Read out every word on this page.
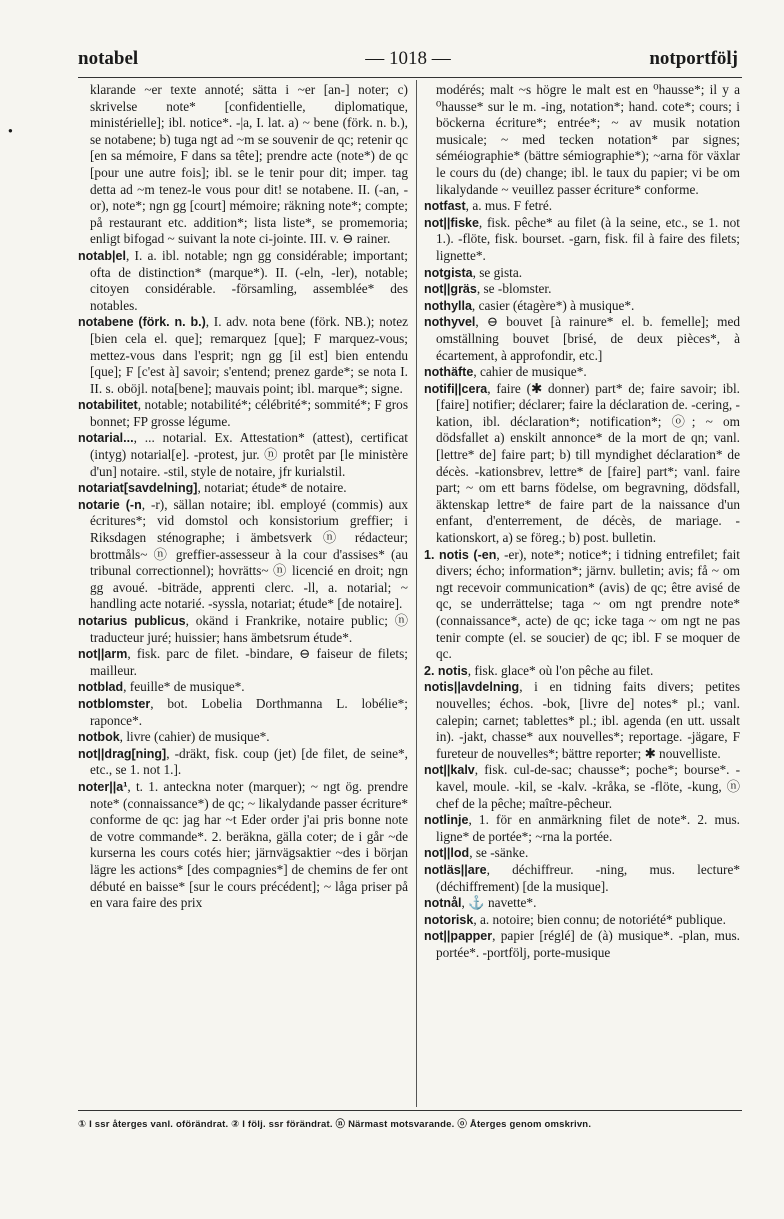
●
notabel	— 1018 —	notportfölj

klarande ~er texte annoté; sätta i ~er [an-] noter; c) skrivelse note* [confidentielle, diplomatique, ministérielle]; ibl. notice*. -|a, I. lat. a) ~ bene (förk. n. b.), se notabene; b) tuga ngt ad ~m se souvenir de qc; retenir qc [en sa mémoire, F dans sa tête]; prendre acte (note*) de qc [pour une autre fois]; ibl. se le tenir pour dit; imper. tag detta ad ~m tenez-le vous pour dit! se notabene. II. (-an, -or), note*; ngn gg [court] mémoire; räkning note*; compte; på restaurant etc. addition*; lista liste*, se promemoria; enligt bifogad ~ suivant la note ci-jointe. III. v. ⊖ rainer.

notab|el, I. a. ibl. notable; ngn gg considérable; important; ofta de distinction* (marque*). II. (-eln, -ler), notable; citoyen considérable. -församling, assemblée* des notables.

notabene (förk. n. b.), I. adv. nota bene (förk. NB.); notez [bien cela el. que]; remarquez [que]; F marquez-vous; mettez-vous dans l'esprit; ngn gg [il est] bien entendu [que]; F [c'est à] savoir; s'entend; prenez garde*; se nota I. II. s. oböjl. nota[bene]; mauvais point; ibl. marque*; signe.

notabilitet, notable; notabilité*; célébrité*; sommité*; F gros bonnet; FP grosse légume.

notarial..., ... notarial. Ex. Attestation* (attest), certificat (intyg) notarial[e]. -protest, jur. ⓝ protêt par [le ministère d'un] notaire. -stil, style de notaire, jfr kurialstil.

notariat[savdelning], notariat; étude* de notaire.

notarie (-n, -r), sällan notaire; ibl. employé (commis) aux écritures*; vid domstol och konsistorium greffier; i Riksdagen sténographe; i ämbetsverk ⓝ rédacteur; brottmåls~ ⓝ greffier-assesseur à la cour d'assises* (au tribunal correctionnel); hovrätts~ ⓝ licencié en droit; ngn gg avoué. -biträde, apprenti clerc. -ll, a. notarial; ~ handling acte notarié. -syssla, notariat; étude* [de notaire].

notarius publicus, okänd i Frankrike, notaire public; ⓝ traducteur juré; huissier; hans ämbetsrum étude*.

not||arm, fisk. parc de filet. -bindare, ⊖ faiseur de filets; mailleur.

notblad, feuille* de musique*.

notblomster, bot. Lobelia Dorthmanna L. lobélie*; raponce*.

notbok, livre (cahier) de musique*.

not||drag[ning], -dräkt, fisk. coup (jet) [de filet, de seine*, etc., se 1. not 1.].

noter||a¹, t. 1. anteckna noter (marquer); ~ ngt ög. prendre note* (connaissance*) de qc; ~ likalydande passer écriture* conforme de qc: jag har ~t Eder order j'ai pris bonne note de votre commande*. 2. beräkna, gälla coter; de i går ~de kurserna les cours cotés hier; järnvägsaktier ~des i början lägre les actions* [des compagnies*] de chemins de fer ont débuté en baisse* [sur le cours précédent]; ~ låga priser på en vara faire des prix

modérés; malt ~s högre le malt est en ⁰hausse*; il y a ⁰hausse* sur le m. -ing, notation*; hand. cote*; cours; i böckerna écriture*; entrée*; ~ av musik notation musicale; ~ med tecken notation* par signes; séméiographie* (bättre sémiographie*); ~arna för växlar le cours du (de) change; ibl. le taux du papier; vi be om likalydande ~ veuillez passer écriture* conforme.

notfast, a. mus. F fetré.

not||fiske, fisk. pêche* au filet (à la seine, etc., se 1. not 1.). -flöte, fisk. bourset. -garn, fisk. fil à faire des filets; lignette*.

notgista, se gista.

not||gräs, se -blomster.

nothylla, casier (étagère*) à musique*.

nothyvel, ⊖ bouvet [à rainure* el. b. femelle]; med omställning bouvet [brisé, de deux pièces*, à écartement, à approfondir, etc.]

nothäfte, cahier de musique*.

notifi||cera, faire (✱ donner) part* de; faire savoir; ibl. [faire] notifier; déclarer; faire la déclaration de. -cering, -kation, ibl. déclaration*; notification*; ⓞ; ~ om dödsfallet a) enskilt annonce* de la mort de qn; vanl. [lettre* de] faire part; b) till myndighet déclaration* de décès. -kationsbrev, lettre* de [faire] part*; vanl. faire part; ~ om ett barns födelse, om begravning, dödsfall, äktenskap lettre* de faire part de la naissance d'un enfant, d'enterrement, de décès, de mariage. -kationskort, a) se föreg.; b) post. bulletin.

1. notis (-en, -er), note*; notice*; i tidning entrefilet; fait divers; écho; information*; järnv. bulletin; avis; få ~ om ngt recevoir communication* (avis) de qc; être avisé de qc, se underrättelse; taga ~ om ngt prendre note* (connaissance*, acte) de qc; icke taga ~ om ngt ne pas tenir compte (el. se soucier) de qc; ibl. F se moquer de qc.

2. notis, fisk. glace* où l'on pêche au filet.

notis||avdelning, i en tidning faits divers; petites nouvelles; échos. -bok, [livre de] notes* pl.; vanl. calepin; carnet; tablettes* pl.; ibl. agenda (en utt. ussalt in). -jakt, chasse* aux nouvelles*; reportage. -jägare, F fureteur de nouvelles*; bättre reporter; ✱ nouvelliste.

not||kalv, fisk. cul-de-sac; chausse*; poche*; bourse*. -kavel, moule. -kil, se -kalv. -kråka, se -flöte, -kung, ⓝ chef de la pêche; maître-pêcheur.

notlinje, 1. för en anmärkning filet de note*. 2. mus. ligne* de portée*; ~rna la portée.

not||lod, se -sänke.

notläs||are, déchiffreur. -ning, mus. lecture* (déchiffrement) [de la musique].

notnål, ⚓ navette*.

notorisk, a. notoire; bien connu; de notoriété* publique.

not||papper, papier [réglé] de (à) musique*. -plan, mus. portée*. -portfölj, porte-musique

① I ssr återges vanl. oförändrat. ② I följ. ssr förändrat. ⓝ Närmast motsvarande. ⓞ Återges genom omskrivn.
